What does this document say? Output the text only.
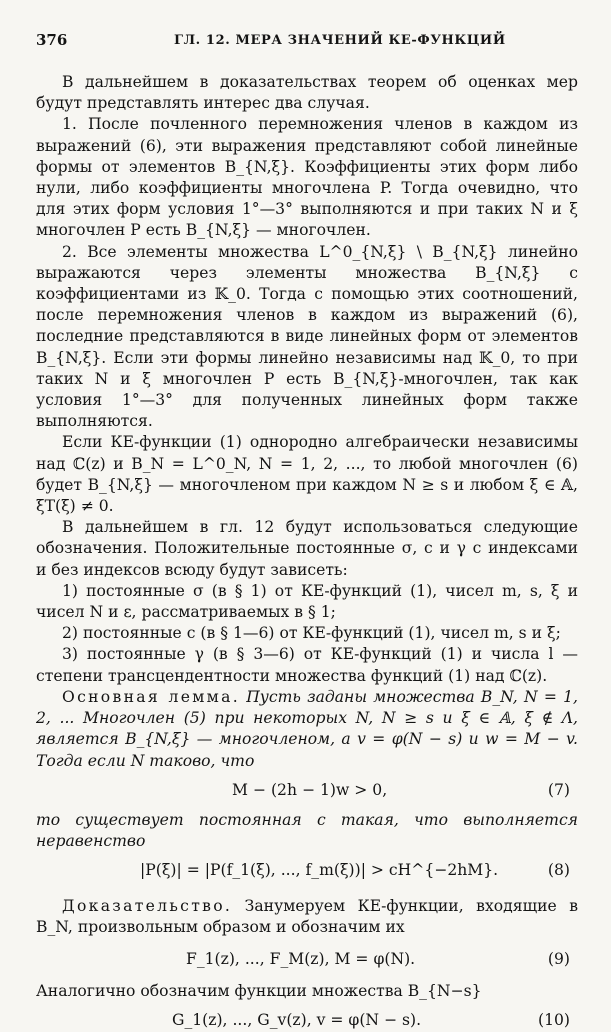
376	ГЛ. 12. МЕРА ЗНАЧЕНИЙ КЕ-ФУНКЦИЙ

В дальнейшем в доказательствах теорем об оценках мер будут представлять интерес два случая.

1. После почленного перемножения членов в каждом из выражений (6), эти выражения представляют собой линейные формы от элементов B_{N,ξ}. Коэффициенты этих форм либо нули, либо коэффициенты многочлена P. Тогда очевидно, что для этих форм условия 1°—3° выполняются и при таких N и ξ многочлен P есть B_{N,ξ} — многочлен.

2. Все элементы множества L^0_{N,ξ} \ B_{N,ξ} линейно выражаются через элементы множества B_{N,ξ} с коэффициентами из 𝕂_0. Тогда с помощью этих соотношений, после перемножения членов в каждом из выражений (6), последние представляются в виде линейных форм от элементов B_{N,ξ}. Если эти формы линейно независимы над 𝕂_0, то при таких N и ξ многочлен P есть B_{N,ξ}-многочлен, так как условия 1°—3° для полученных линейных форм также выполняются.

Если КЕ-функции (1) однородно алгебраически независимы над ℂ(z) и B_N = L^0_N, N = 1, 2, ..., то любой многочлен (6) будет B_{N,ξ} — многочленом при каждом N ≥ s и любом ξ ∈ 𝔸, ξT(ξ) ≠ 0.

В дальнейшем в гл. 12 будут использоваться следующие обозначения. Положительные постоянные σ, c и γ с индексами и без индексов всюду будут зависеть:

1) постоянные σ (в § 1) от КЕ-функций (1), чисел m, s, ξ и чисел N и ε, рассматриваемых в § 1;

2) постоянные c (в § 1—6) от КЕ-функций (1), чисел m, s и ξ;

3) постоянные γ (в § 3—6) от КЕ-функций (1) и числа l — степени трансцендентности множества функций (1) над ℂ(z).

Основная лемма. Пусть заданы множества B_N, N = 1, 2, ... Многочлен (5) при некоторых N, N ≥ s и ξ ∈ 𝔸, ξ ∉ Λ, является B_{N,ξ} — многочленом, а v = φ(N − s) и w = M − v. Тогда если N таково, что

M − (2h − 1)w > 0,	(7)

то существует постоянная c такая, что выполняется неравенство

|P(ξ)| = |P(f_1(ξ), ..., f_m(ξ))| > cH^{−2hM}.	(8)

Доказательство. Занумеруем КЕ-функции, входящие в B_N, произвольным образом и обозначим их

F_1(z), ..., F_M(z), M = φ(N).	(9)

Аналогично обозначим функции множества B_{N−s}

G_1(z), ..., G_v(z), v = φ(N − s).	(10)
